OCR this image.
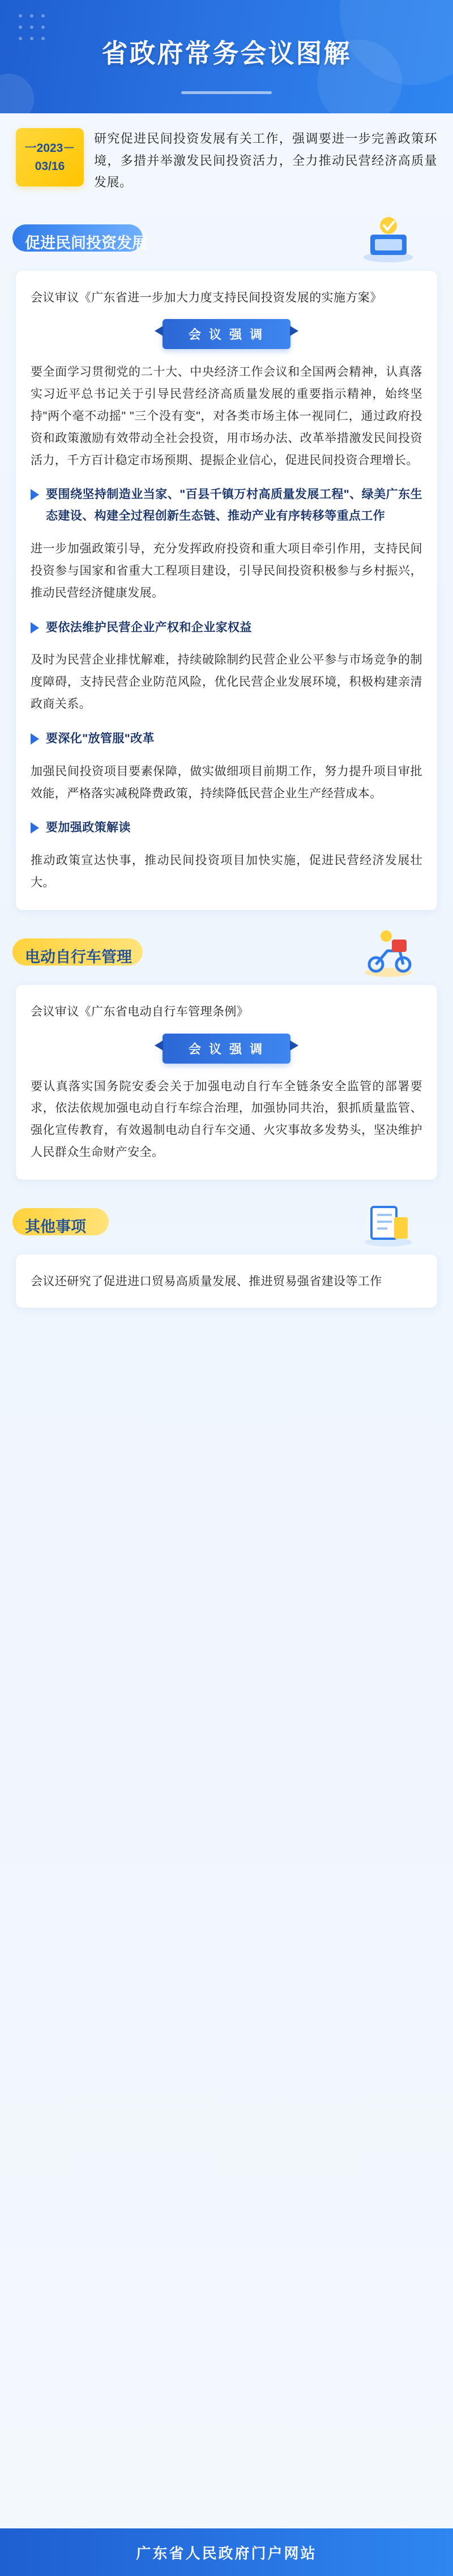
省政府常务会议图解
一2023－03/16
研究促进民间投资发展有关工作，强调要进一步完善政策环境，多措并举激发民间投资活力，全力推动民营经济高质量发展。
促进民间投资发展
会议审议《广东省进一步加大力度支持民间投资发展的实施方案》
会 议 强 调
要全面学习贯彻党的二十大、中央经济工作会议和全国两会精神，认真落实习近平总书记关于引导民营经济高质量发展的重要指示精神，始终坚持"两个毫不动摇" "三个没有变"，对各类市场主体一视同仁，通过政府投资和政策激励有效带动全社会投资，用市场办法、改革举措激发民间投资活力，千方百计稳定市场预期、提振企业信心，促进民间投资合理增长。
要围绕坚持制造业当家、"百县千镇万村高质量发展工程"、绿美广东生态建设、构建全过程创新生态链、推动产业有序转移等重点工作
进一步加强政策引导，充分发挥政府投资和重大项目牵引作用，支持民间投资参与国家和省重大工程项目建设，引导民间投资积极参与乡村振兴，推动民营经济健康发展。
要依法维护民营企业产权和企业家权益
及时为民营企业排忧解难，持续破除制约民营企业公平参与市场竞争的制度障碍，支持民营企业防范风险，优化民营企业发展环境，积极构建亲清政商关系。
要深化"放管服"改革
加强民间投资项目要素保障，做实做细项目前期工作，努力提升项目审批效能，严格落实减税降费政策，持续降低民营企业生产经营成本。
要加强政策解读
推动政策宣达快事，推动民间投资项目加快实施，促进民营经济发展壮大。
电动自行车管理
会议审议《广东省电动自行车管理条例》
会 议 强 调
要认真落实国务院安委会关于加强电动自行车全链条安全监管的部署要求，依法依规加强电动自行车综合治理，加强协同共治，狠抓质量监管、强化宣传教育，有效遏制电动自行车交通、火灾事故多发势头，坚决维护人民群众生命财产安全。
其他事项
会议还研究了促进进口贸易高质量发展、推进贸易强省建设等工作
广东省人民政府门户网站
